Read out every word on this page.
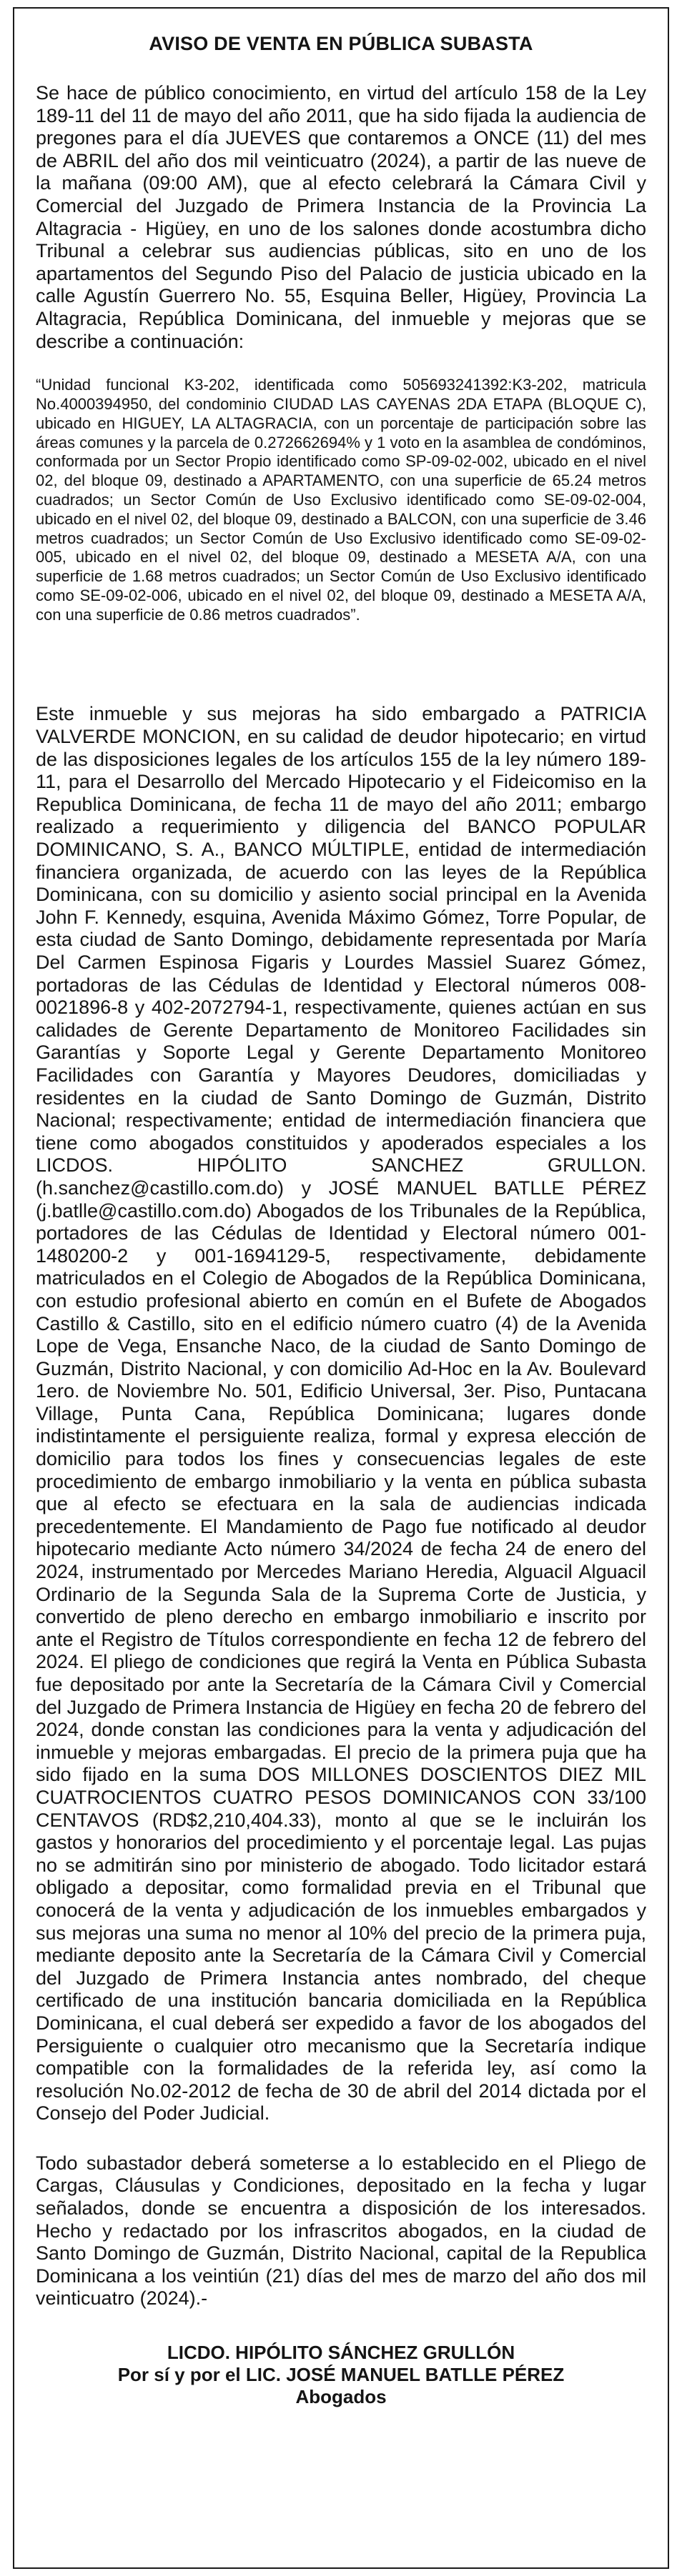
AVISO DE VENTA EN PÚBLICA SUBASTA

Se hace de público conocimiento, en virtud del artículo 158 de la Ley 189-11 del 11 de mayo del año 2011, que ha sido fijada la audiencia de pregones para el día JUEVES que contaremos a ONCE (11) del mes de ABRIL del año dos mil veinticuatro (2024), a partir de las nueve de la mañana (09:00 AM), que al efecto celebrará la Cámara Civil y Comercial del Juzgado de Primera Instancia de la Provincia La Altagracia - Higüey, en uno de los salones donde acostumbra dicho Tribunal a celebrar sus audiencias públicas, sito en uno de los apartamentos del Segundo Piso del Palacio de justicia ubicado en la calle Agustín Guerrero No. 55, Esquina Beller, Higüey, Provincia La Altagracia, República Dominicana, del inmueble y mejoras que se describe a continuación:

“Unidad funcional K3-202, identificada como 505693241392:K3-202, matricula No.4000394950, del condominio CIUDAD LAS CAYENAS 2DA ETAPA (BLOQUE C), ubicado en HIGUEY, LA ALTAGRACIA, con un porcentaje de participación sobre las áreas comunes y la parcela de 0.272662694% y 1 voto en la asamblea de condóminos, conformada por un Sector Propio identificado como SP-09-02-002, ubicado en el nivel 02, del bloque 09, destinado a APARTAMENTO, con una superficie de 65.24 metros cuadrados; un Sector Común de Uso Exclusivo identificado como SE-09-02-004, ubicado en el nivel 02, del bloque 09, destinado a BALCON, con una superficie de 3.46 metros cuadrados; un Sector Común de Uso Exclusivo identificado como SE-09-02-005, ubicado en el nivel 02, del bloque 09, destinado a MESETA A/A, con una superficie de 1.68 metros cuadrados; un Sector Común de Uso Exclusivo identificado como SE-09-02-006, ubicado en el nivel 02, del bloque 09, destinado a MESETA A/A, con una superficie de 0.86 metros cuadrados”.

Este inmueble y sus mejoras ha sido embargado a PATRICIA VALVERDE MONCION, en su calidad de deudor hipotecario; en virtud de las disposiciones legales de los artículos 155 de la ley número 189-11, para el Desarrollo del Mercado Hipotecario y el Fideicomiso en la Republica Dominicana, de fecha 11 de mayo del año 2011; embargo realizado a requerimiento y diligencia del BANCO POPULAR DOMINICANO, S. A., BANCO MÚLTIPLE, entidad de intermediación financiera organizada, de acuerdo con las leyes de la República Dominicana, con su domicilio y asiento social principal en la Avenida John F. Kennedy, esquina, Avenida Máximo Gómez, Torre Popular, de esta ciudad de Santo Domingo, debidamente representada por María Del Carmen Espinosa Figaris y Lourdes Massiel Suarez Gómez, portadoras de las Cédulas de Identidad y Electoral números 008-0021896-8 y 402-2072794-1, respectivamente, quienes actúan en sus calidades de Gerente Departamento de Monitoreo Facilidades sin Garantías y Soporte Legal y Gerente Departamento Monitoreo Facilidades con Garantía y Mayores Deudores, domiciliadas y residentes en la ciudad de Santo Domingo de Guzmán, Distrito Nacional; respectivamente; entidad de intermediación financiera que tiene como abogados constituidos y apoderados especiales a los LICDOS. HIPÓLITO SANCHEZ GRULLON. (h.sanchez@castillo.com.do) y JOSÉ MANUEL BATLLE PÉREZ (j.batlle@castillo.com.do) Abogados de los Tribunales de la República, portadores de las Cédulas de Identidad y Electoral número 001-1480200-2 y 001-1694129-5, respectivamente, debidamente matriculados en el Colegio de Abogados de la República Dominicana, con estudio profesional abierto en común en el Bufete de Abogados Castillo & Castillo, sito en el edificio número cuatro (4) de la Avenida Lope de Vega, Ensanche Naco, de la ciudad de Santo Domingo de Guzmán, Distrito Nacional, y con domicilio Ad-Hoc en la Av. Boulevard 1ero. de Noviembre No. 501, Edificio Universal, 3er. Piso, Puntacana Village, Punta Cana, República Dominicana; lugares donde indistintamente el persiguiente realiza, formal y expresa elección de domicilio para todos los fines y consecuencias legales de este procedimiento de embargo inmobiliario y la venta en pública subasta que al efecto se efectuara en la sala de audiencias indicada precedentemente. El Mandamiento de Pago fue notificado al deudor hipotecario mediante Acto número 34/2024 de fecha 24 de enero del 2024, instrumentado por Mercedes Mariano Heredia, Alguacil Alguacil Ordinario de la Segunda Sala de la Suprema Corte de Justicia, y convertido de pleno derecho en embargo inmobiliario e inscrito por ante el Registro de Títulos correspondiente en fecha 12 de febrero del 2024. El pliego de condiciones que regirá la Venta en Pública Subasta fue depositado por ante la Secretaría de la Cámara Civil y Comercial del Juzgado de Primera Instancia de Higüey en fecha 20 de febrero del 2024, donde constan las condiciones para la venta y adjudicación del inmueble y mejoras embargadas. El precio de la primera puja que ha sido fijado en la suma DOS MILLONES DOSCIENTOS DIEZ MIL CUATROCIENTOS CUATRO PESOS DOMINICANOS CON 33/100 CENTAVOS (RD$2,210,404.33), monto al que se le incluirán los gastos y honorarios del procedimiento y el porcentaje legal. Las pujas no se admitirán sino por ministerio de abogado. Todo licitador estará obligado a depositar, como formalidad previa en el Tribunal que conocerá de la venta y adjudicación de los inmuebles embargados y sus mejoras una suma no menor al 10% del precio de la primera puja, mediante deposito ante la Secretaría de la Cámara Civil y Comercial del Juzgado de Primera Instancia antes nombrado, del cheque certificado de una institución bancaria domiciliada en la República Dominicana, el cual deberá ser expedido a favor de los abogados del Persiguiente o cualquier otro mecanismo que la Secretaría indique compatible con la formalidades de la referida ley, así como la resolución No.02-2012 de fecha de 30 de abril del 2014 dictada por el Consejo del Poder Judicial.

Todo subastador deberá someterse a lo establecido en el Pliego de Cargas, Cláusulas y Condiciones, depositado en la fecha y lugar señalados, donde se encuentra a disposición de los interesados. Hecho y redactado por los infrascritos abogados, en la ciudad de Santo Domingo de Guzmán, Distrito Nacional, capital de la Republica Dominicana a los veintiún (21) días del mes de marzo del año dos mil veinticuatro (2024).-

LICDO. HIPÓLITO SÁNCHEZ GRULLÓN
Por sí y por el LIC. JOSÉ MANUEL BATLLE PÉREZ
Abogados
